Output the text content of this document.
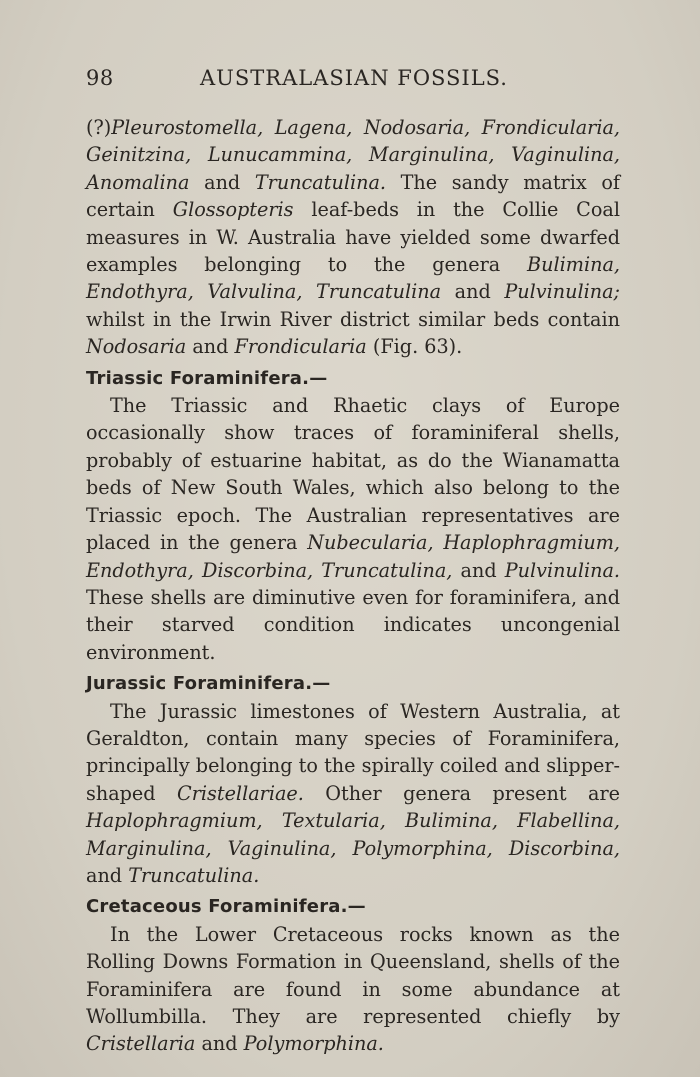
98	AUSTRALASIAN FOSSILS.

(?)Pleurostomella, Lagena, Nodosaria, Frondicularia, Geinitzina, Lunucammina, Marginulina, Vaginulina, Anomalina and Truncatulina. The sandy matrix of certain Glossopteris leaf-beds in the Collie Coal measures in W. Australia have yielded some dwarfed examples belonging to the genera Bulimina, Endothyra, Valvulina, Truncatulina and Pulvinulina; whilst in the Irwin River district similar beds contain Nodosaria and Frondicularia (Fig. 63).

Triassic Foraminifera.—

The Triassic and Rhaetic clays of Europe occasionally show traces of foraminiferal shells, probably of estuarine habitat, as do the Wianamatta beds of New South Wales, which also belong to the Triassic epoch. The Australian representatives are placed in the genera Nubecularia, Haplophragmium, Endothyra, Discorbina, Truncatulina, and Pulvinulina. These shells are diminutive even for foraminifera, and their starved condition indicates uncongenial environment.

Jurassic Foraminifera.—

The Jurassic limestones of Western Australia, at Geraldton, contain many species of Foraminifera, principally belonging to the spirally coiled and slipper-shaped Cristellariae. Other genera present are Haplophragmium, Textularia, Bulimina, Flabellina, Marginulina, Vaginulina, Polymorphina, Discorbina, and Truncatulina.

Cretaceous Foraminifera.—

In the Lower Cretaceous rocks known as the Rolling Downs Formation in Queensland, shells of the Foraminifera are found in some abundance at Wollumbilla. They are represented chiefly by Cristellaria and Polymorphina.
